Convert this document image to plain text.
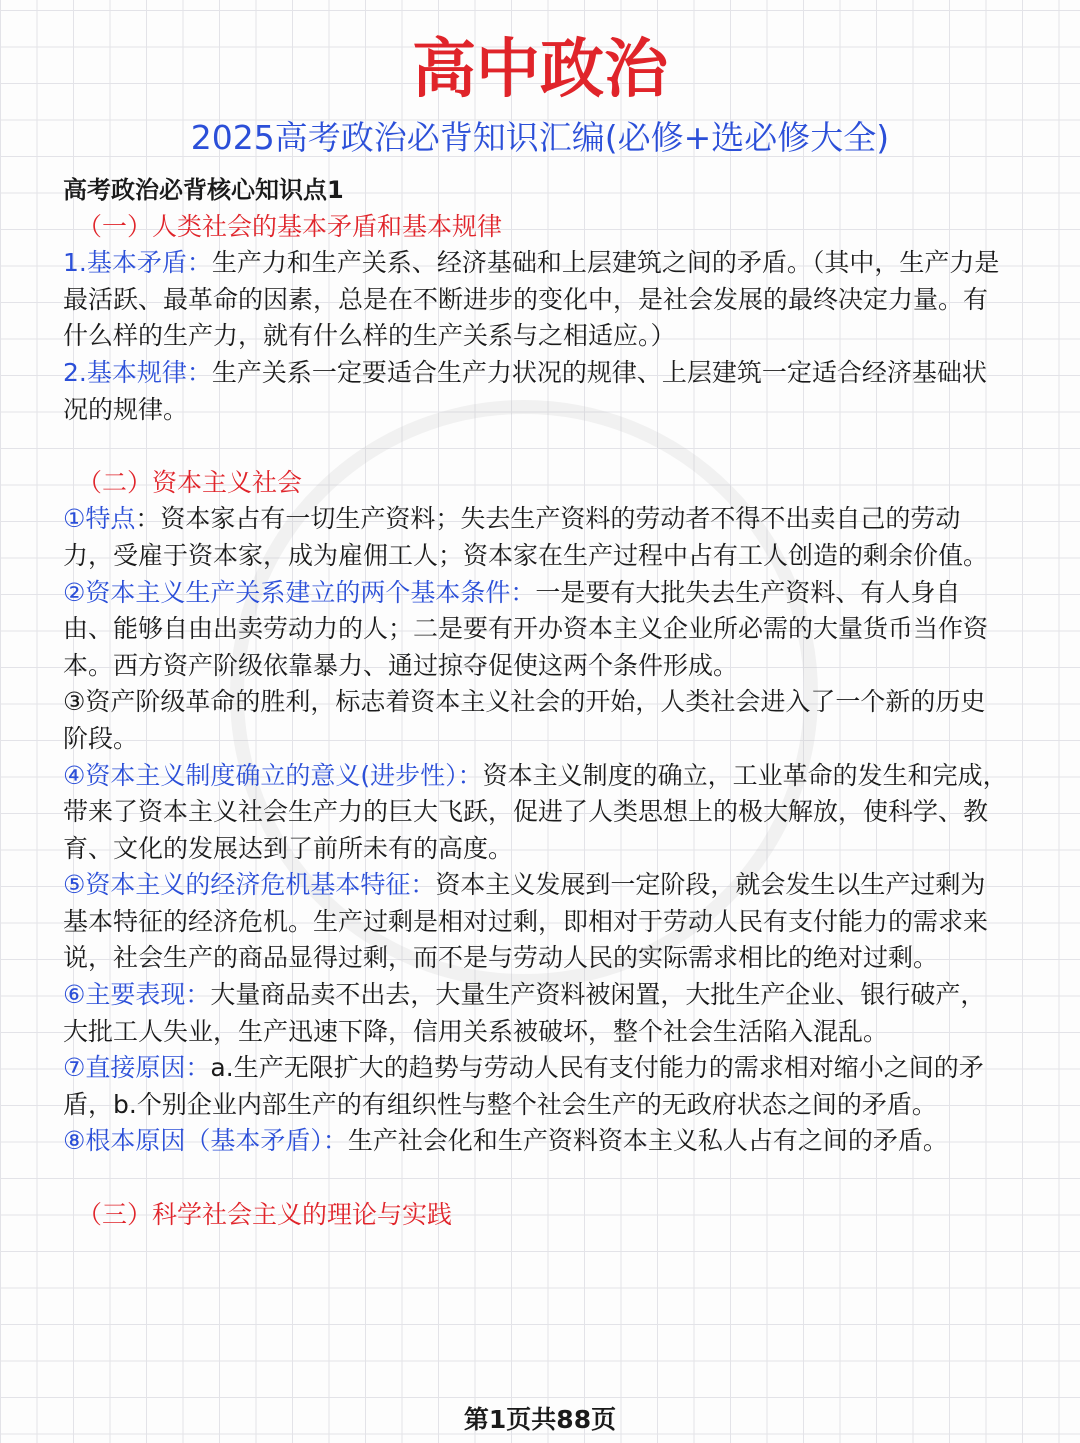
高中政治
2025高考政治必背知识汇编(必修+选必修大全)

高考政治必背核心知识点1

（一）人类社会的基本矛盾和基本规律

1.基本矛盾：生产力和生产关系、经济基础和上层建筑之间的矛盾。（其中，生产力是最活跃、最革命的因素，总是在不断进步的变化中，是社会发展的最终决定力量。有什么样的生产力，就有什么样的生产关系与之相适应。）

2.基本规律：生产关系一定要适合生产力状况的规律、上层建筑一定适合经济基础状况的规律。

（二）资本主义社会

①特点：资本家占有一切生产资料；失去生产资料的劳动者不得不出卖自己的劳动力，受雇于资本家，成为雇佣工人；资本家在生产过程中占有工人创造的剩余价值。

②资本主义生产关系建立的两个基本条件：一是要有大批失去生产资料、有人身自由、能够自由出卖劳动力的人；二是要有开办资本主义企业所必需的大量货币当作资本。西方资产阶级依靠暴力、通过掠夺促使这两个条件形成。

③资产阶级革命的胜利，标志着资本主义社会的开始，人类社会进入了一个新的历史阶段。

④资本主义制度确立的意义(进步性）：资本主义制度的确立，工业革命的发生和完成，带来了资本主义社会生产力的巨大飞跃，促进了人类思想上的极大解放，使科学、教育、文化的发展达到了前所未有的高度。

⑤资本主义的经济危机基本特征：资本主义发展到一定阶段，就会发生以生产过剩为基本特征的经济危机。生产过剩是相对过剩，即相对于劳动人民有支付能力的需求来说，社会生产的商品显得过剩，而不是与劳动人民的实际需求相比的绝对过剩。

⑥主要表现：大量商品卖不出去，大量生产资料被闲置，大批生产企业、银行破产，大批工人失业，生产迅速下降，信用关系被破坏，整个社会生活陷入混乱。

⑦直接原因：a.生产无限扩大的趋势与劳动人民有支付能力的需求相对缩小之间的矛盾，b.个别企业内部生产的有组织性与整个社会生产的无政府状态之间的矛盾。

⑧根本原因（基本矛盾）：生产社会化和生产资料资本主义私人占有之间的矛盾。

（三）科学社会主义的理论与实践

第1页共88页
